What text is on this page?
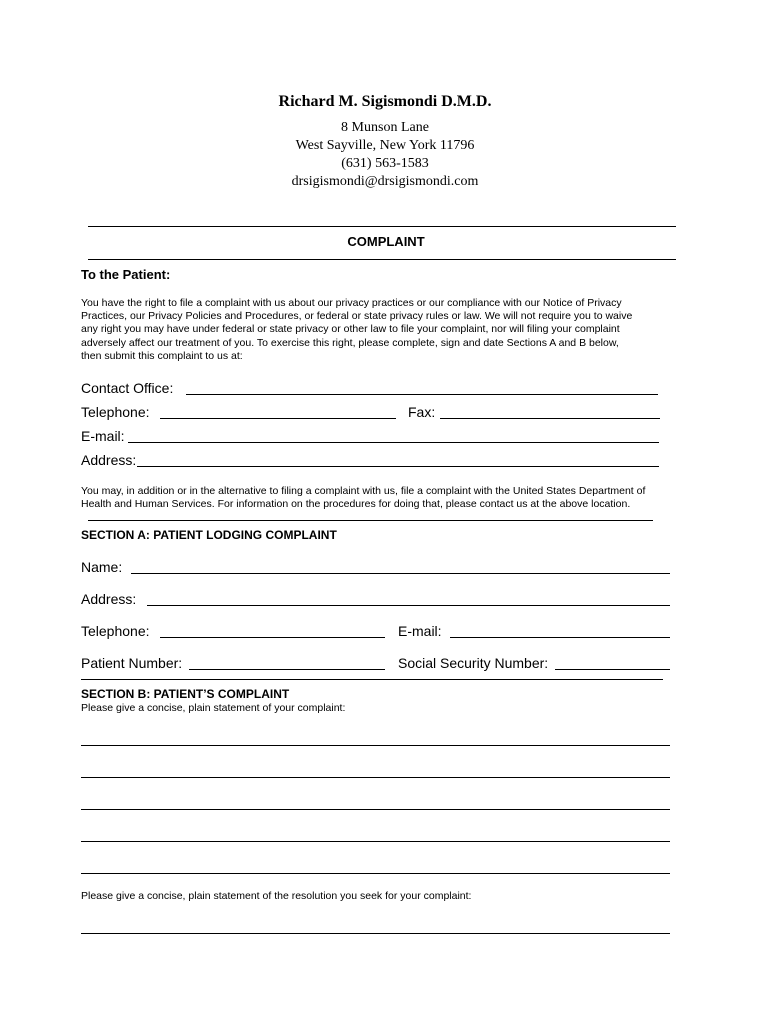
Richard M. Sigismondi D.M.D.
8 Munson Lane
West Sayville, New York 11796
(631) 563-1583
drsigismondi@drsigismondi.com
COMPLAINT
To the Patient:
You have the right to file a complaint with us about our privacy practices or our compliance with our Notice of Privacy
Practices, our Privacy Policies and Procedures, or federal or state privacy rules or law. We will not require you to waive
any right you may have under federal or state privacy or other law to file your complaint, nor will filing your complaint
adversely affect our treatment of you. To exercise this right, please complete, sign and date Sections A and B below,
then submit this complaint to us at:
Contact Office:
Telephone:	Fax:
E-mail:
Address:
You may, in addition or in the alternative to filing a complaint with us, file a complaint with the United States Department of
Health and Human Services. For information on the procedures for doing that, please contact us at the above location.
SECTION A: PATIENT LODGING COMPLAINT
Name:
Address:
Telephone:	E-mail:
Patient Number:	Social Security Number:
SECTION B: PATIENT’S COMPLAINT
Please give a concise, plain statement of your complaint:
Please give a concise, plain statement of the resolution you seek for your complaint:
